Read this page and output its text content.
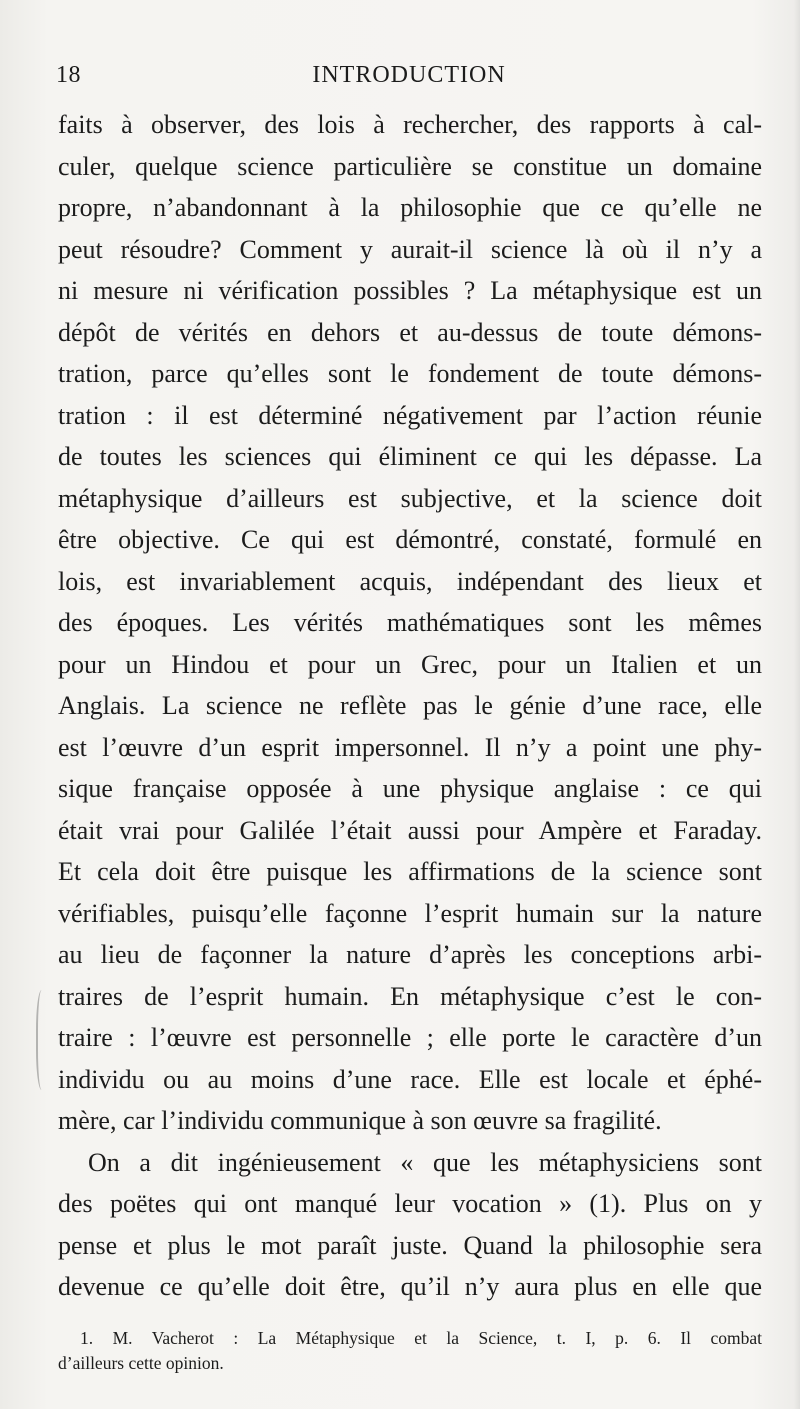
18	INTRODUCTION
faits à observer, des lois à rechercher, des rapports à cal-
culer, quelque science particulière se constitue un domaine
propre, n’abandonnant à la philosophie que ce qu’elle ne
peut résoudre? Comment y aurait-il science là où il n’y a
ni mesure ni vérification possibles ? La métaphysique est un
dépôt de vérités en dehors et au-dessus de toute démons-
tration, parce qu’elles sont le fondement de toute démons-
tration : il est déterminé négativement par l’action réunie
de toutes les sciences qui éliminent ce qui les dépasse. La
métaphysique d’ailleurs est subjective, et la science doit
être objective. Ce qui est démontré, constaté, formulé en
lois, est invariablement acquis, indépendant des lieux et
des époques. Les vérités mathématiques sont les mêmes
pour un Hindou et pour un Grec, pour un Italien et un
Anglais. La science ne reflète pas le génie d’une race, elle
est l’œuvre d’un esprit impersonnel. Il n’y a point une phy-
sique française opposée à une physique anglaise : ce qui
était vrai pour Galilée l’était aussi pour Ampère et Faraday.
Et cela doit être puisque les affirmations de la science sont
vérifiables, puisqu’elle façonne l’esprit humain sur la nature
au lieu de façonner la nature d’après les conceptions arbi-
traires de l’esprit humain. En métaphysique c’est le con-
traire : l’œuvre est personnelle ; elle porte le caractère d’un
individu ou au moins d’une race. Elle est locale et éphé-
mère, car l’individu communique à son œuvre sa fragilité.
On a dit ingénieusement « que les métaphysiciens sont
des poëtes qui ont manqué leur vocation » (1). Plus on y
pense et plus le mot paraît juste. Quand la philosophie sera
devenue ce qu’elle doit être, qu’il n’y aura plus en elle que
1. M. Vacherot : La Métaphysique et la Science, t. I, p. 6. Il combat
d’ailleurs cette opinion.
